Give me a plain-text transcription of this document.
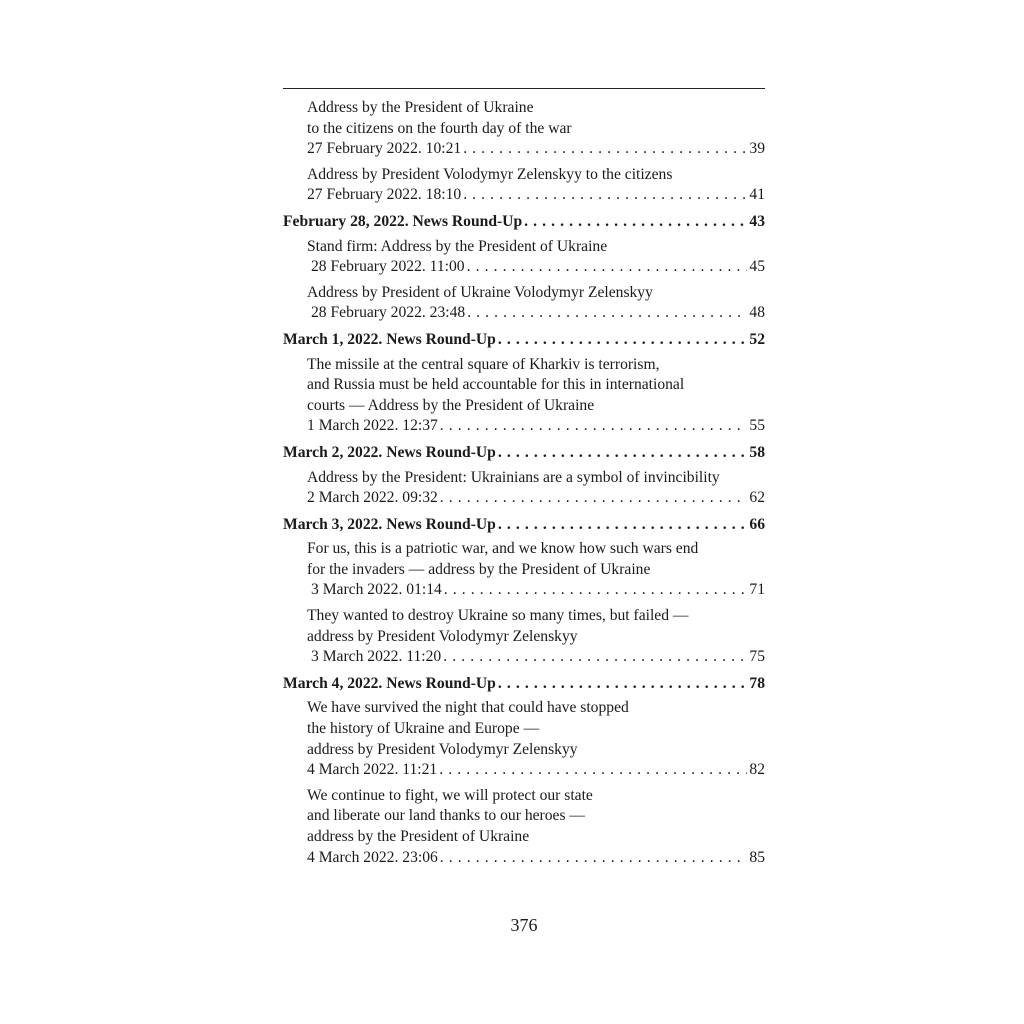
Address by the President of Ukraine
to the citizens on the fourth day of the war
27 February 2022. 10:21 . . .	39
Address by President Volodymyr Zelenskyy to the citizens
27 February 2022. 18:10 . . .	41
February 28, 2022. News Round-Up . . .	43
Stand firm: Address by the President of Ukraine
28 February 2022. 11:00 . . .	45
Address by President of Ukraine Volodymyr Zelenskyy
28 February 2022. 23:48 . . .	48
March 1, 2022. News Round-Up . . .	52
The missile at the central square of Kharkiv is terrorism,
and Russia must be held accountable for this in international
courts — Address by the President of Ukraine
1 March 2022. 12:37 . . .	55
March 2, 2022. News Round-Up . . .	58
Address by the President: Ukrainians are a symbol of invincibility
2 March 2022. 09:32 . . .	62
March 3, 2022. News Round-Up . . .	66
For us, this is a patriotic war, and we know how such wars end
for the invaders — address by the President of Ukraine
3 March 2022. 01:14 . . .	71
They wanted to destroy Ukraine so many times, but failed —
address by President Volodymyr Zelenskyy
3 March 2022. 11:20 . . .	75
March 4, 2022. News Round-Up . . .	78
We have survived the night that could have stopped
the history of Ukraine and Europe —
address by President Volodymyr Zelenskyy
4 March 2022. 11:21 . . .	82
We continue to fight, we will protect our state
and liberate our land thanks to our heroes —
address by the President of Ukraine
4 March 2022. 23:06 . . .	85
376
